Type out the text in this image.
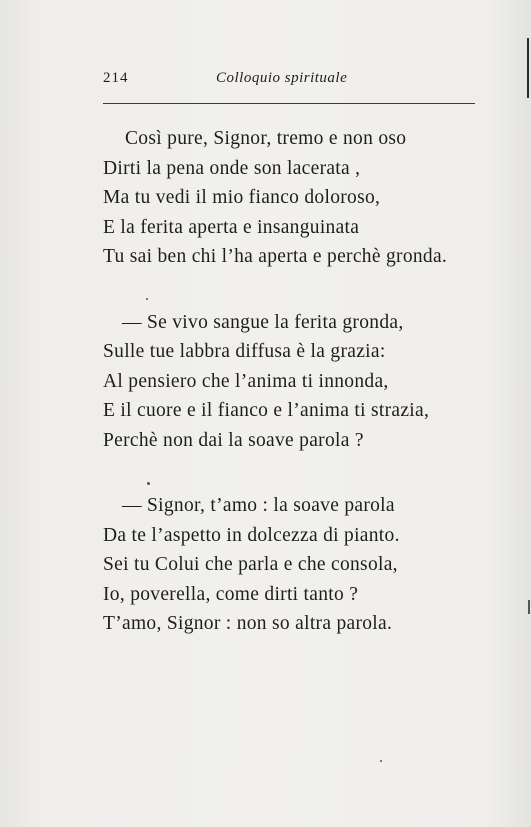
214	Colloquio spirituale
Così pure, Signor, tremo e non oso
Dirti la pena onde son lacerata ,
Ma tu vedi il mio fianco doloroso,
E la ferita aperta e insanguinata
Tu sai ben chi l’ha aperta e perchè gronda.
— Se vivo sangue la ferita gronda,
Sulle tue labbra diffusa è la grazia:
Al pensiero che l’anima ti innonda,
E il cuore e il fianco e l’anima ti strazia,
Perchè non dai la soave parola ?
— Signor, t’amo : la soave parola
Da te l’aspetto in dolcezza di pianto.
Sei tu Colui che parla e che consola,
Io, poverella, come dirti tanto ?
T’amo, Signor : non so altra parola.
